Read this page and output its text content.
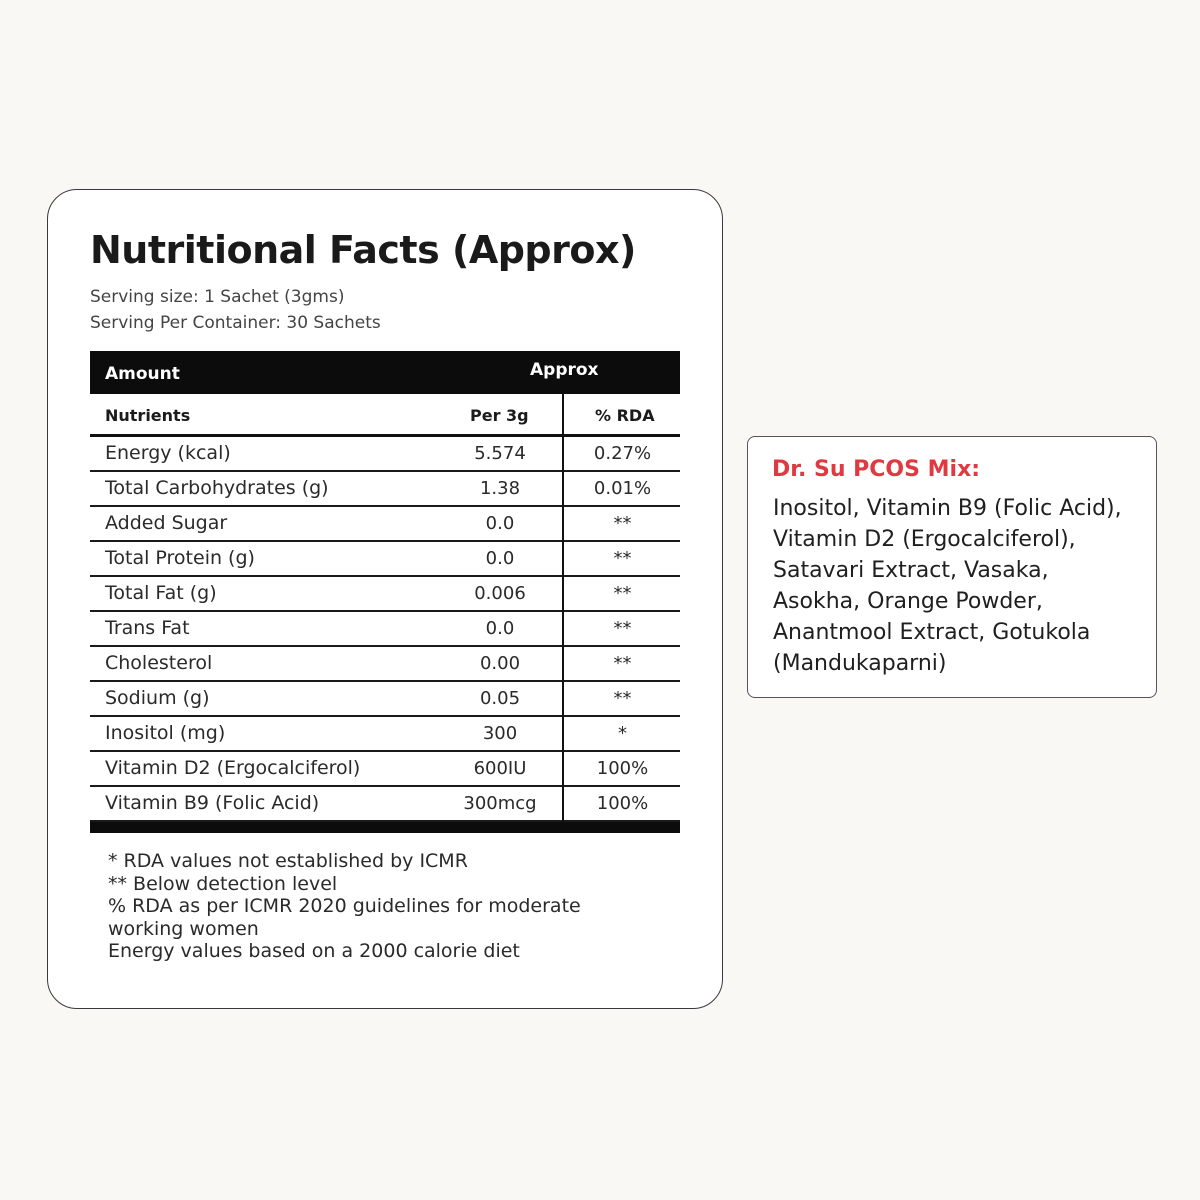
Nutritional Facts (Approx)
Serving size: 1 Sachet (3gms)
Serving Per Container: 30 Sachets
Amount	Approx
Nutrients	Per 3g	% RDA
Energy (kcal)	5.574	0.27%
Total Carbohydrates (g)	1.38	0.01%
Added Sugar	0.0	**
Total Protein (g)	0.0	**
Total Fat (g)	0.006	**
Trans Fat	0.0	**
Cholesterol	0.00	**
Sodium (g)	0.05	**
Inositol (mg)	300	*
Vitamin D2 (Ergocalciferol)	600IU	100%
Vitamin B9 (Folic Acid)	300mcg	100%
* RDA values not established by ICMR
** Below detection level
% RDA as per ICMR 2020 guidelines for moderate
working women
Energy values based on a 2000 calorie diet
Dr. Su PCOS Mix:
Inositol, Vitamin B9 (Folic Acid),
Vitamin D2 (Ergocalciferol),
Satavari Extract, Vasaka,
Asokha, Orange Powder,
Anantmool Extract, Gotukola
(Mandukaparni)
